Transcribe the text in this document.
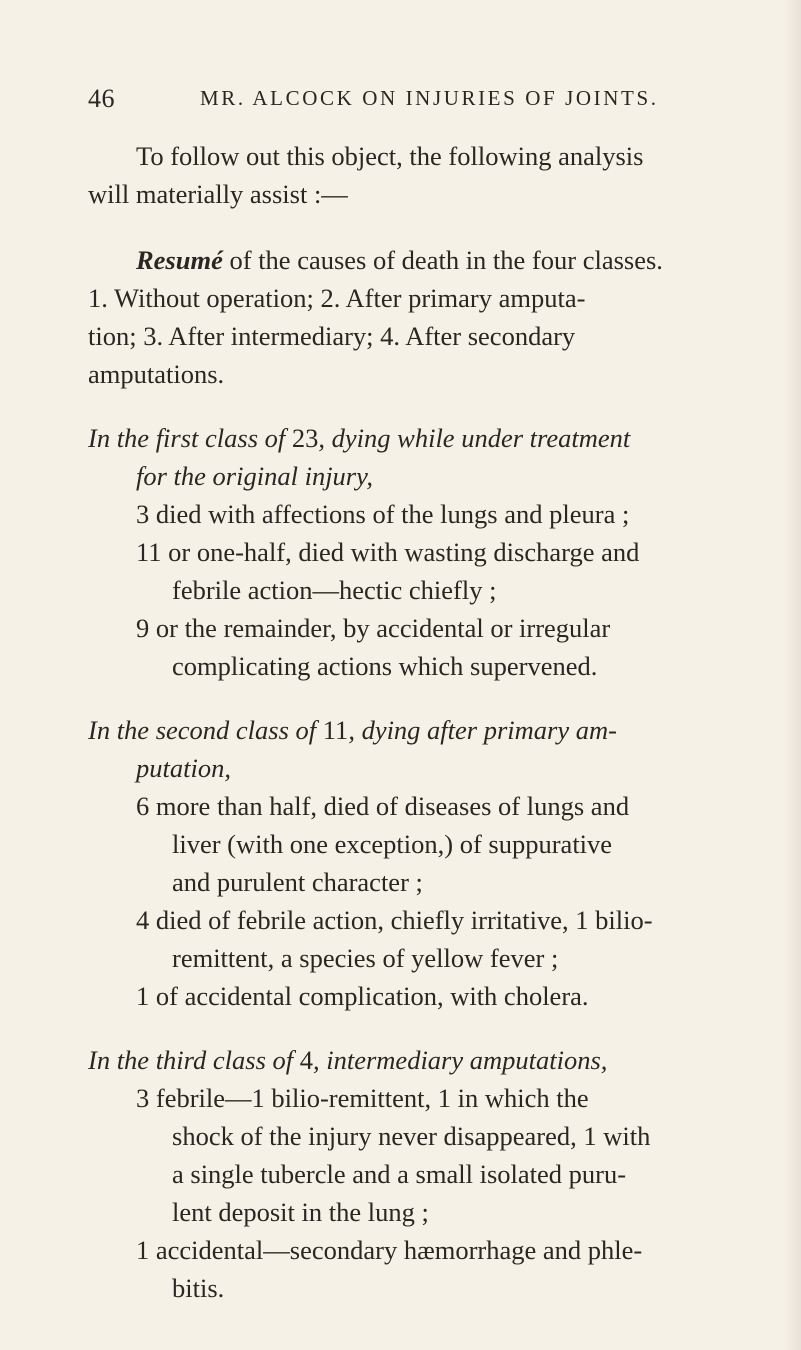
46	MR. ALCOCK ON INJURIES OF JOINTS.
To follow out this object, the following analysis
will materially assist :—
Resumé of the causes of death in the four classes.
1. Without operation; 2. After primary amputa-
tion; 3. After intermediary; 4. After secondary
amputations.
In the first class of 23, dying while under treatment
for the original injury,
3 died with affections of the lungs and pleura ;
11 or one-half, died with wasting discharge and
febrile action—hectic chiefly ;
9 or the remainder, by accidental or irregular
complicating actions which supervened.
In the second class of 11, dying after primary am-
putation,
6 more than half, died of diseases of lungs and
liver (with one exception,) of suppurative
and purulent character ;
4 died of febrile action, chiefly irritative, 1 bilio-
remittent, a species of yellow fever ;
1 of accidental complication, with cholera.
In the third class of 4, intermediary amputations,
3 febrile—1 bilio-remittent, 1 in which the
shock of the injury never disappeared, 1 with
a single tubercle and a small isolated puru-
lent deposit in the lung ;
1 accidental—secondary hæmorrhage and phle-
bitis.
